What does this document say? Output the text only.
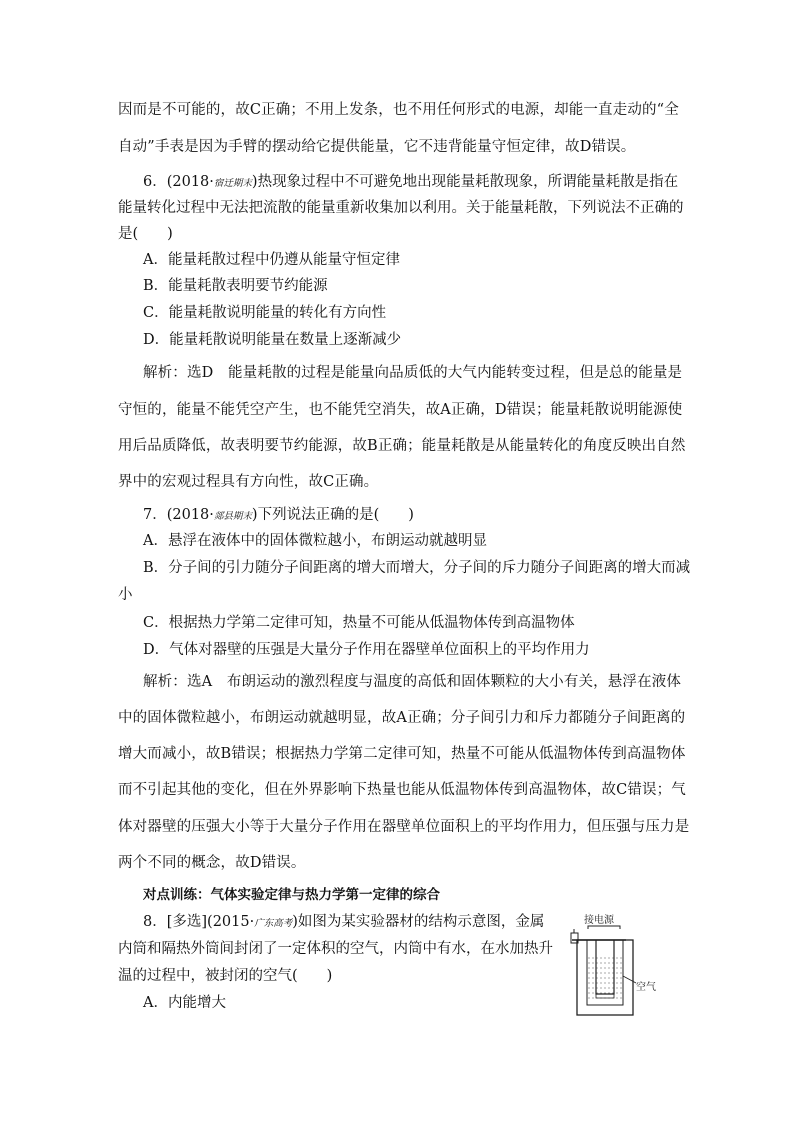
因而是不可能的，故C正确；不用上发条，也不用任何形式的电源，却能一直走动的“全
自动”手表是因为手臂的摆动给它提供能量，它不违背能量守恒定律，故D错误。
6．(2018·宿迁期末)热现象过程中不可避免地出现能量耗散现象，所谓能量耗散是指在
能量转化过程中无法把流散的能量重新收集加以利用。关于能量耗散，下列说法不正确的
是(　　)
A．能量耗散过程中仍遵从能量守恒定律
B．能量耗散表明要节约能源
C．能量耗散说明能量的转化有方向性
D．能量耗散说明能量在数量上逐渐减少
解析：选D　能量耗散的过程是能量向品质低的大气内能转变过程，但是总的能量是
守恒的，能量不能凭空产生，也不能凭空消失，故A正确，D错误；能量耗散说明能源使
用后品质降低，故表明要节约能源，故B正确；能量耗散是从能量转化的角度反映出自然
界中的宏观过程具有方向性，故C正确。
7．(2018·郯县期末)下列说法正确的是(　　)
A．悬浮在液体中的固体微粒越小，布朗运动就越明显
B．分子间的引力随分子间距离的增大而增大，分子间的斥力随分子间距离的增大而减
小
C．根据热力学第二定律可知，热量不可能从低温物体传到高温物体
D．气体对器壁的压强是大量分子作用在器壁单位面积上的平均作用力
解析：选A　布朗运动的激烈程度与温度的高低和固体颗粒的大小有关，悬浮在液体
中的固体微粒越小，布朗运动就越明显，故A正确；分子间引力和斥力都随分子间距离的
增大而减小，故B错误；根据热力学第二定律可知，热量不可能从低温物体传到高温物体
而不引起其他的变化，但在外界影响下热量也能从低温物体传到高温物体，故C错误；气
体对器壁的压强大小等于大量分子作用在器壁单位面积上的平均作用力，但压强与压力是
两个不同的概念，故D错误。
对点训练：气体实验定律与热力学第一定律的综合
8．[多选](2015·广东高考)如图为某实验器材的结构示意图，金属
内筒和隔热外筒间封闭了一定体积的空气，内筒中有水，在水加热升
温的过程中，被封闭的空气(　　)
A．内能增大
接电源
空气
